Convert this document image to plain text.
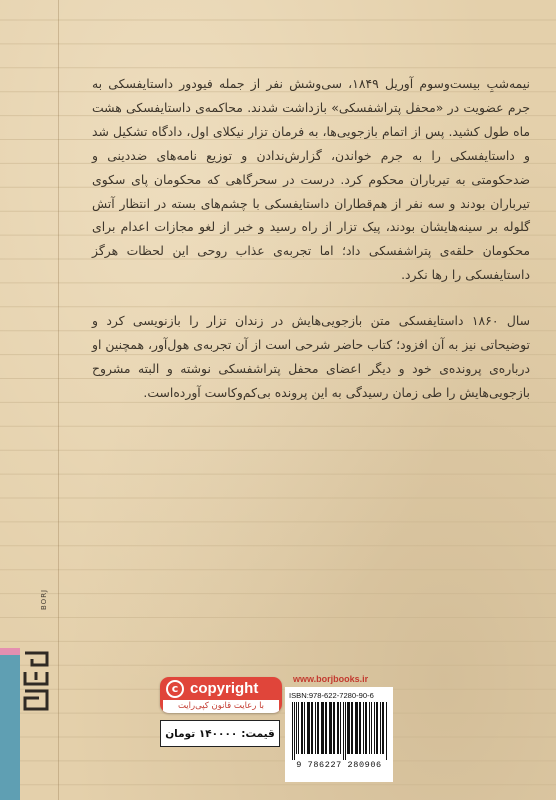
نیمه‌شبِ بیست‌وسوم آوریل ۱۸۴۹، سی‌وشش نفر از جمله فیودور داستایفسکی به جرم عضویت در «محفل پتراشفسکی» بازداشت شدند. محاکمه‌ی داستایفسکی هشت ماه طول کشید. پس از اتمام بازجویی‌ها، به فرمان تزار نیکلای اول، دادگاه تشکیل شد و داستایفسکی را به جرم خواندن، گزارش‌ندادن و توزیع نامه‌های ضددینی و ضدحکومتی به تیرباران محکوم کرد. درست در سحرگاهی که محکومان پای سکوی تیرباران بودند و سه نفر از هم‌قطاران داستایفسکی با چشم‌های بسته در انتظار آتش گلوله بر سینه‌هایشان بودند، پیک تزار از راه رسید و خبر از لغو مجازات اعدام برای محکومان حلقه‌ی پتراشفسکی داد؛ اما تجربه‌ی عذاب روحی این لحظات هرگز داستایفسکی را رها نکرد.

سال ۱۸۶۰ داستایفسکی متن بازجویی‌هایش در زندان تزار را بازنویسی کرد و توضیحاتی نیز به آن افزود؛ کتاب حاضر شرحی است از آن تجربه‌ی هول‌آور، همچنین او درباره‌ی پرونده‌ی خود و دیگر اعضای محفل پتراشفسکی نوشته و البته مشروح بازجویی‌هایش را طی زمان رسیدگی به این پرونده بی‌کم‌وکاست آورده‌است.

BORJ
c copyright
با رعایت قانون کپی‌رایت
www.borjbooks.ir
ISBN:978-622-7280-90-6
9 786227 280906
قیمت:
۱۴۰۰۰۰ تومان
